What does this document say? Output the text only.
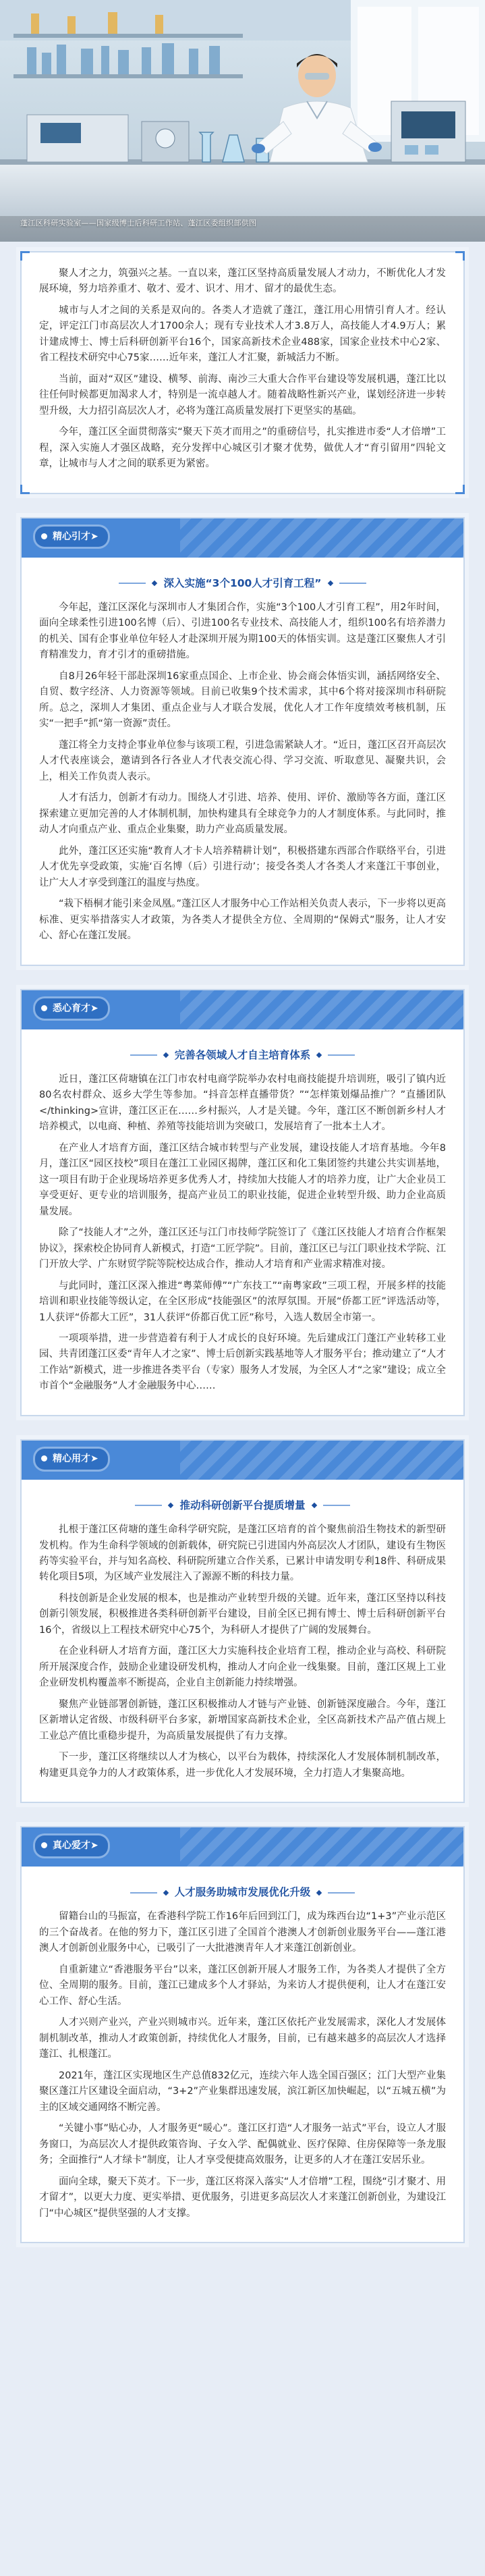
蓬江区科研实验室——国家级博士后科研工作站、蓬江区委组织部供图

聚人才之力，筑强兴之基。一直以来，蓬江区坚持高质量发展人才动力，不断优化人才发展环境，努力培养重才、敬才、爱才、识才、用才、留才的最优生态。

城市与人才之间的关系是双向的。各类人才造就了蓬江，蓬江用心用情引育人才。经认定，评定江门市高层次人才1700余人；现有专业技术人才3.8万人，高技能人才4.9万人；累计建成博士、博士后科研创新平台16个，国家高新技术企业488家，国家企业技术中心2家、省工程技术研究中心75家……近年来，蓬江人才汇聚，新城活力不断。

当前，面对“双区”建设、横琴、前海、南沙三大重大合作平台建设等发展机遇，蓬江比以往任何时候都更加渴求人才，特别是一流卓越人才。随着战略性新兴产业，谋划经济进一步转型升级，大力招引高层次人才，必将为蓬江高质量发展打下更坚实的基础。

今年，蓬江区全面贯彻落实“聚天下英才而用之”的重磅信号，扎实推进市委“人才倍增”工程，深入实施人才强区战略，充分发挥中心城区引才聚才优势，做优人才“育引留用”四轮文章，让城市与人才之间的联系更为紧密。

精心引才➤
深入实施“3个100人才引育工程”

今年起，蓬江区深化与深圳市人才集团合作，实施“3个100人才引育工程”，用2年时间，面向全球柔性引进100名博（后）、引进100名专业技术、高技能人才，组织100名有培养潜力的机关、国有企事业单位年轻人才赴深圳开展为期100天的体悟实训。这是蓬江区聚焦人才引育精准发力，育才引才的重磅措施。

自8月26年轻干部赴深圳16家重点国企、上市企业、协会商会体悟实训，涵括网络安全、自贸、数字经济、人力资源等领域。目前已收集9个技术需求，其中6个将对接深圳市科研院所。总之，深圳人才集团、重点企业与人才联合发展，优化人才工作年度绩效考核机制，压实“一把手”抓“第一资源”责任。

蓬江将全力支持企事业单位参与该项工程，引进急需紧缺人才。“近日，蓬江区召开高层次人才代表座谈会，邀请到各行各业人才代表交流心得、学习交流、听取意见、凝聚共识，会上，相关工作负责人表示。

人才有活力，创新才有动力。围绕人才引进、培养、使用、评价、激励等各方面，蓬江区探索建立更加完善的人才体制机制，加快构建具有全球竞争力的人才制度体系。与此同时，推动人才向重点产业、重点企业集聚，助力产业高质量发展。

此外，蓬江区还实施“教育人才卡人培养精耕计划”，积极搭建东西部合作联络平台，引进人才优先享受政策，实施‘百名博（后）引进行动’；接受各类人才各类人才来蓬江干事创业，让广大人才享受到蓬江的温度与热度。

“栽下梧桐才能引来金凤凰。”蓬江区人才服务中心工作站相关负责人表示，下一步将以更高标准、更实举措落实人才政策，为各类人才提供全方位、全周期的“保姆式”服务，让人才安心、舒心在蓬江发展。

悉心育才➤
完善各领域人才自主培育体系

近日，蓬江区荷塘镇在江门市农村电商学院举办农村电商技能提升培训班，吸引了镇内近80名农村群众、返乡大学生等参加。“抖音怎样直播带货？”“怎样策划爆品推广？”直播团队</thinking>宣讲，蓬江区正在……乡村振兴，人才是关键。今年，蓬江区不断创新乡村人才培养模式，以电商、种植、养殖等技能培训为突破口，发展培育了一批本土人才。

在产业人才培育方面，蓬江区结合城市转型与产业发展，建设技能人才培育基地。今年8月，蓬江区“园区技校”项目在蓬江工业园区揭牌，蓬江区和化工集团签约共建公共实训基地，这一项目有助于企业现场培养更多优秀人才，持续加大技能人才的培养力度，让广大企业员工享受更好、更专业的培训服务，提高产业员工的职业技能，促进企业转型升级、助力企业高质量发展。

除了“技能人才”之外，蓬江区还与江门市技师学院签订了《蓬江区技能人才培育合作框架协议》，探索校企协同育人新模式，打造“工匠学院”。目前，蓬江区已与江门职业技术学院、江门开放大学、广东财贸学院等院校达成合作，推动人才培育和产业需求精准对接。

与此同时，蓬江区深入推进“粤菜师傅”“广东技工”“南粤家政”三项工程，开展多样的技能培训和职业技能等级认定，在全区形成“技能强区”的浓厚氛围。开展“侨都工匠”评选活动等，1人获评“侨都大工匠”，31人获评“侨都百优工匠”称号，入选人数居全市第一。

一项项举措，进一步营造着有利于人才成长的良好环境。先后建成江门蓬江产业转移工业园、共青团蓬江区委“青年人才之家”、博士后创新实践基地等人才服务平台；推动建立了“人才工作站”新模式，进一步推进各类平台（专家）服务人才发展，为全区人才“之家”建设；成立全市首个“金融服务”人才金融服务中心……

精心用才➤
推动科研创新平台提质增量

扎根于蓬江区荷塘的蓬生命科学研究院，是蓬江区培育的首个聚焦前沿生物技术的新型研发机构。作为生命科学领域的创新载体，研究院已引进国内外高层次人才团队，建设有生物医药等实验平台，并与知名高校、科研院所建立合作关系，已累计申请发明专利18件、科研成果转化项目5项，为区域产业发展注入了源源不断的科技力量。

科技创新是企业发展的根本，也是推动产业转型升级的关键。近年来，蓬江区坚持以科技创新引领发展，积极推进各类科研创新平台建设，目前全区已拥有博士、博士后科研创新平台16个，省级以上工程技术研究中心75个，为科研人才提供了广阔的发展舞台。

在企业科研人才培育方面，蓬江区大力实施科技企业培育工程，推动企业与高校、科研院所开展深度合作，鼓励企业建设研发机构，推动人才向企业一线集聚。目前，蓬江区规上工业企业研发机构覆盖率不断提高，企业自主创新能力持续增强。

聚焦产业链部署创新链，蓬江区积极推动人才链与产业链、创新链深度融合。今年，蓬江区新增认定省级、市级科研平台多家，新增国家高新技术企业，全区高新技术产品产值占规上工业总产值比重稳步提升，为高质量发展提供了有力支撑。

下一步，蓬江区将继续以人才为核心，以平台为载体，持续深化人才发展体制机制改革，构建更具竞争力的人才政策体系，进一步优化人才发展环境，全力打造人才集聚高地。

真心爱才➤
人才服务助城市发展优化升级

留籍台山的马振富，在香港科学院工作16年后回到江门，成为珠西台边“1+3”产业示范区的三个奋战者。在他的努力下，蓬江区引进了全国首个港澳人才创新创业服务平台——蓬江港澳人才创新创业服务中心，已吸引了一大批港澳青年人才来蓬江创新创业。

自重新建立“香港服务平台”以来，蓬江区创新开展人才服务工作，为各类人才提供了全方位、全周期的服务。目前，蓬江已建成多个人才驿站，为来访人才提供便利，让人才在蓬江安心工作、舒心生活。

人才兴则产业兴，产业兴则城市兴。近年来，蓬江区依托产业发展需求，深化人才发展体制机制改革，推动人才政策创新，持续优化人才服务，目前，已有越来越多的高层次人才选择蓬江、扎根蓬江。

2021年，蓬江区实现地区生产总值832亿元，连续六年人选全国百强区；江门大型产业集聚区蓬江片区建设全面启动，“3+2”产业集群迅速发展，滨江新区加快崛起，以“五城五横”为主的区域交通网络不断完善。

“关键小事”贴心办，人才服务更“暖心”。蓬江区打造“人才服务一站式”平台，设立人才服务窗口，为高层次人才提供政策咨询、子女入学、配偶就业、医疗保障、住房保障等一条龙服务；全面推行“人才绿卡”制度，让人才享受便捷高效服务，让更多的人才在蓬江安居乐业。

面向全球，聚天下英才。下一步，蓬江区将深入落实“人才倍增”工程，围绕“引才聚才、用才留才”，以更大力度、更实举措、更优服务，引进更多高层次人才来蓬江创新创业，为建设江门“中心城区”提供坚强的人才支撑。
